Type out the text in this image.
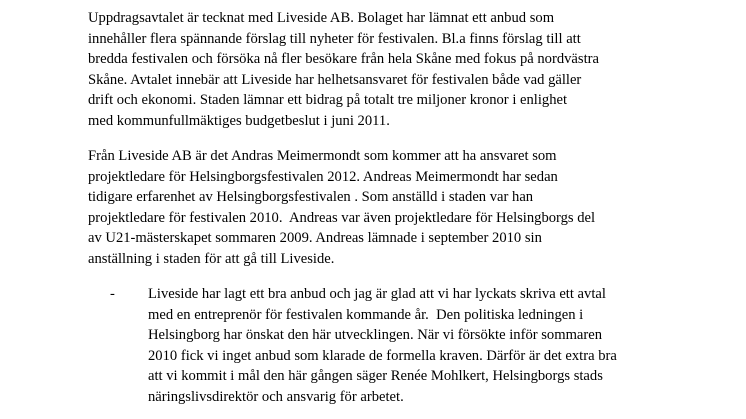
Uppdragsavtalet är tecknat med Liveside AB. Bolaget har lämnat ett anbud som
innehåller flera spännande förslag till nyheter för festivalen. Bl.a finns förslag till att
bredda festivalen och försöka nå fler besökare från hela Skåne med fokus på nordvästra
Skåne. Avtalet innebär att Liveside har helhetsansvaret för festivalen både vad gäller
drift och ekonomi. Staden lämnar ett bidrag på totalt tre miljoner kronor i enlighet
med kommunfullmäktiges budgetbeslut i juni 2011.

Från Liveside AB är det Andras Meimermondt som kommer att ha ansvaret som
projektledare för Helsingborgsfestivalen 2012. Andreas Meimermondt har sedan
tidigare erfarenhet av Helsingborgsfestivalen . Som anställd i staden var han
projektledare för festivalen 2010.  Andreas var även projektledare för Helsingborgs del
av U21-mästerskapet sommaren 2009. Andreas lämnade i september 2010 sin
anställning i staden för att gå till Liveside.

-	Liveside har lagt ett bra anbud och jag är glad att vi har lyckats skriva ett avtal
med en entreprenör för festivalen kommande år.  Den politiska ledningen i
Helsingborg har önskat den här utvecklingen. När vi försökte inför sommaren
2010 fick vi inget anbud som klarade de formella kraven. Därför är det extra bra
att vi kommit i mål den här gången säger Renée Mohlkert, Helsingborgs stads
näringslivsdirektör och ansvarig för arbetet.
